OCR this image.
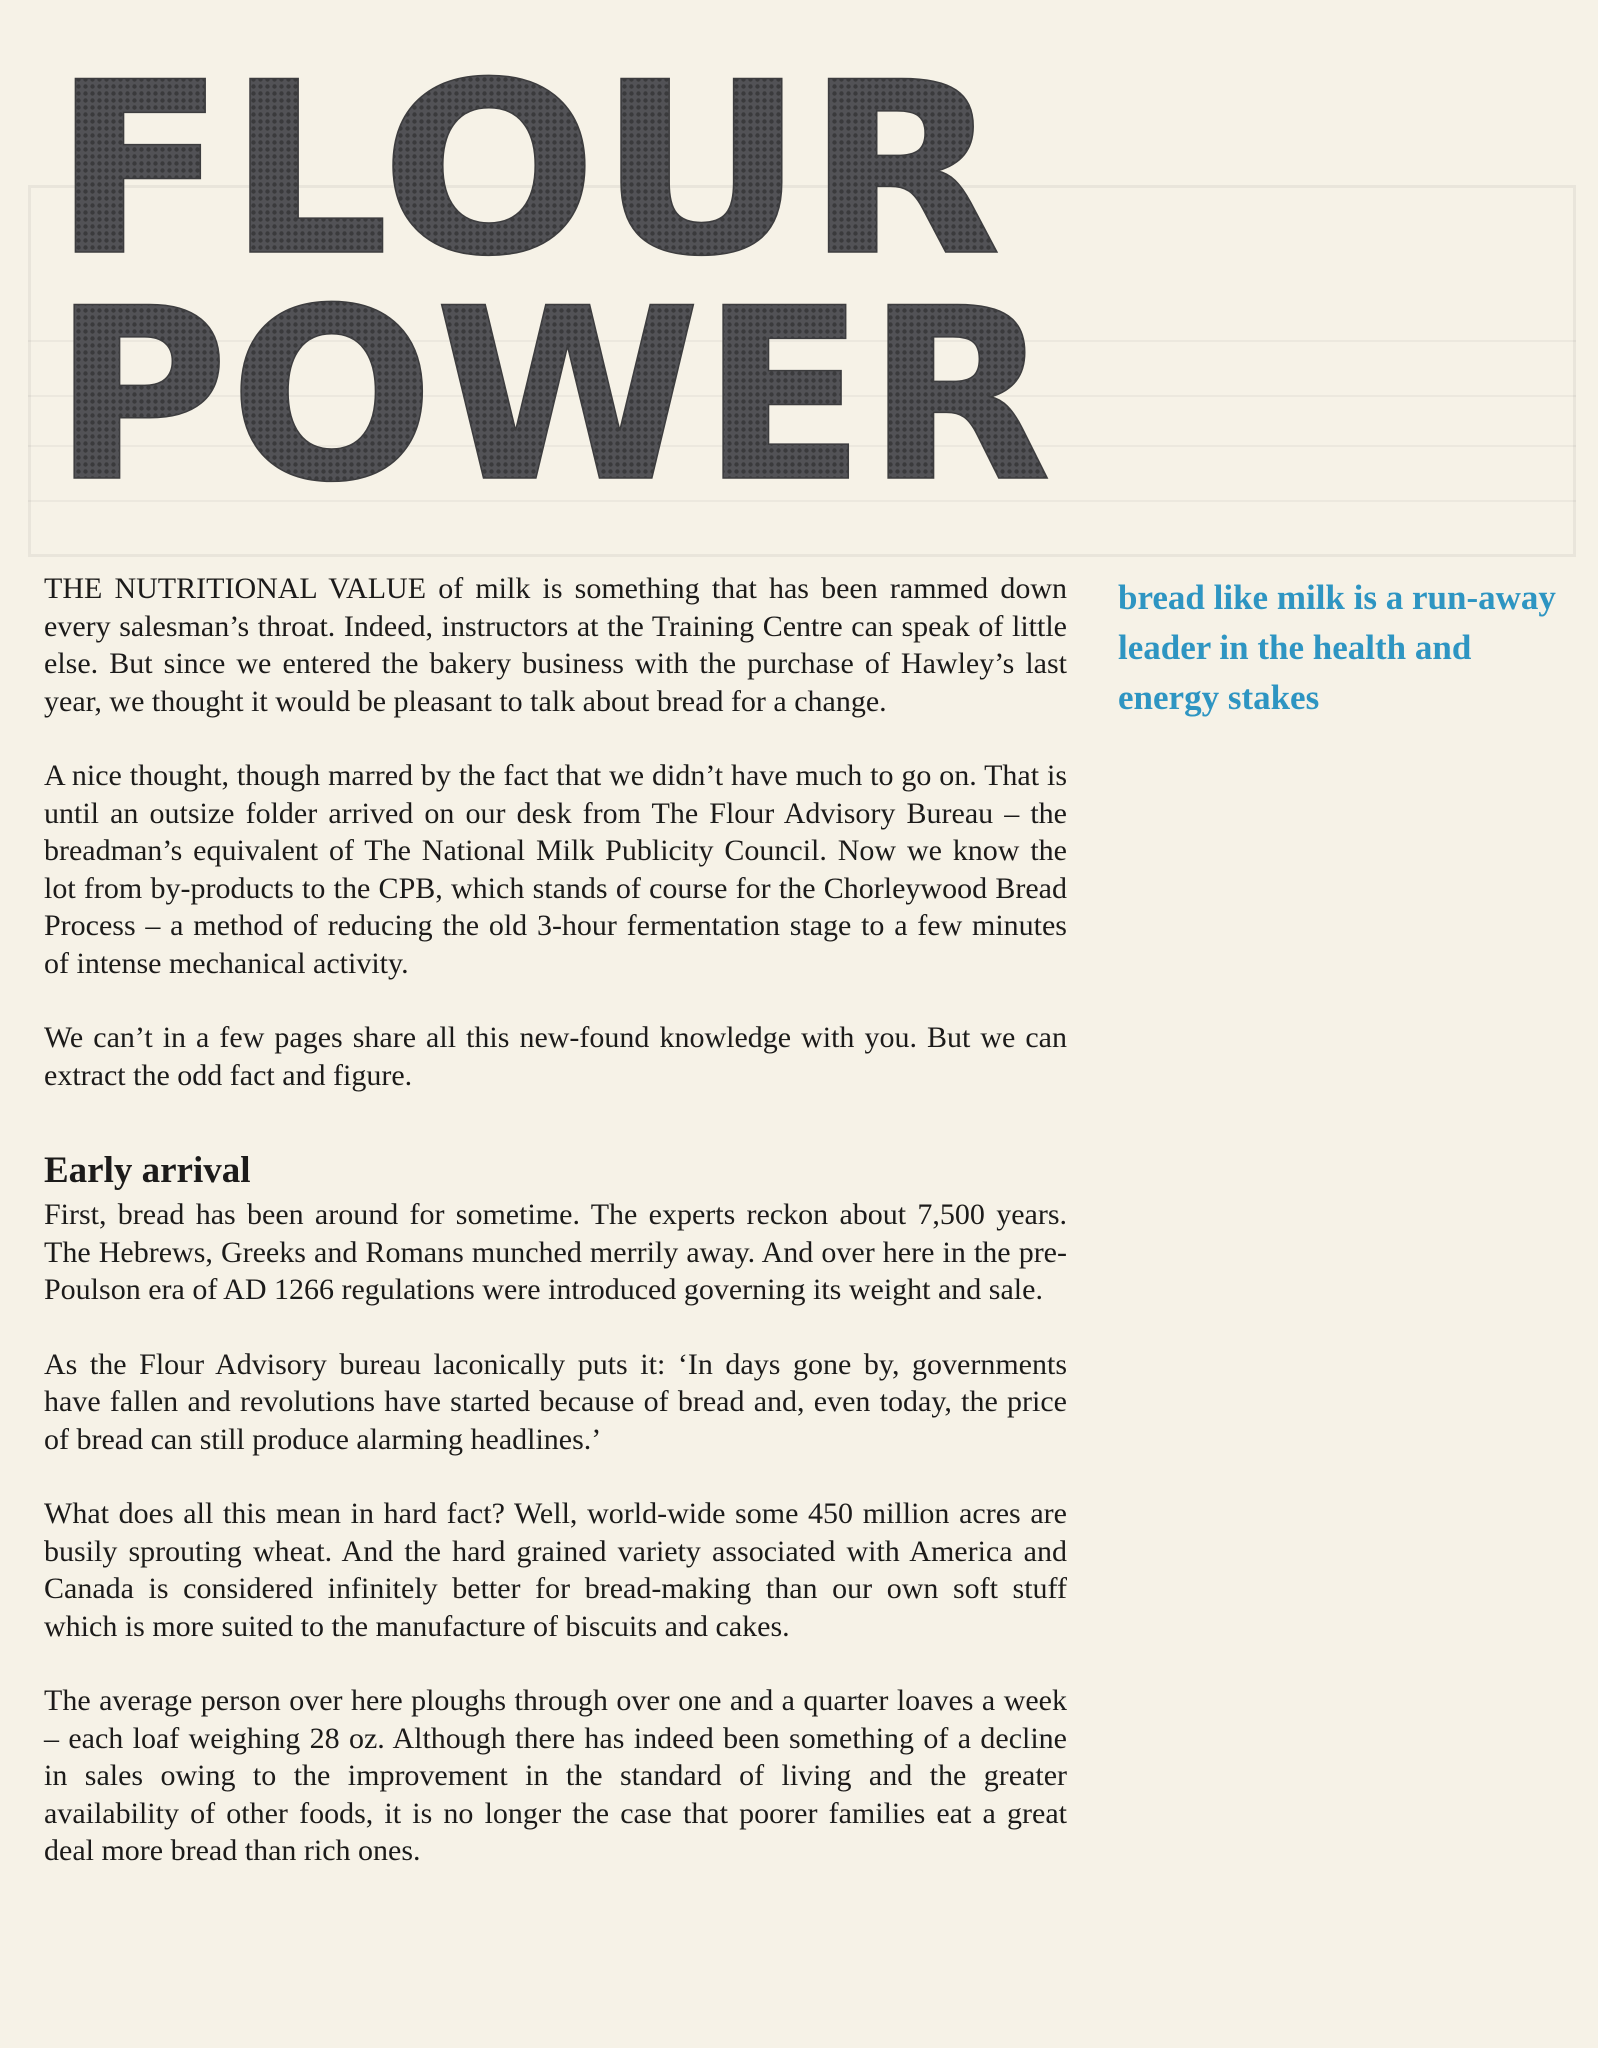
FLOUR
POWER

THE NUTRITIONAL VALUE of milk is something that has been rammed down every salesman’s throat. Indeed, instructors at the Training Centre can speak of little else. But since we entered the bakery business with the purchase of Hawley’s last year, we thought it would be pleasant to talk about bread for a change.

A nice thought, though marred by the fact that we didn’t have much to go on. That is until an outsize folder arrived on our desk from The Flour Advisory Bureau – the breadman’s equivalent of The National Milk Publicity Council. Now we know the lot from by-products to the CPB, which stands of course for the Chorleywood Bread Process – a method of reducing the old 3-hour fermentation stage to a few minutes of intense mechanical activity.

We can’t in a few pages share all this new-found knowledge with you. But we can extract the odd fact and figure.

Early arrival

First, bread has been around for sometime. The experts reckon about 7,500 years. The Hebrews, Greeks and Romans munched merrily away. And over here in the pre-Poulson era of AD 1266 regulations were introduced governing its weight and sale.

As the Flour Advisory bureau laconically puts it: ‘In days gone by, governments have fallen and revolutions have started because of bread and, even today, the price of bread can still produce alarming headlines.’

What does all this mean in hard fact? Well, world-wide some 450 million acres are busily sprouting wheat. And the hard grained variety associated with America and Canada is considered infinitely better for bread-making than our own soft stuff which is more suited to the manufacture of biscuits and cakes.

The average person over here ploughs through over one and a quarter loaves a week – each loaf weighing 28 oz. Although there has indeed been something of a decline in sales owing to the improvement in the standard of living and the greater availability of other foods, it is no longer the case that poorer families eat a great deal more bread than rich ones.

bread like milk is a run-away leader in the health and energy stakes
